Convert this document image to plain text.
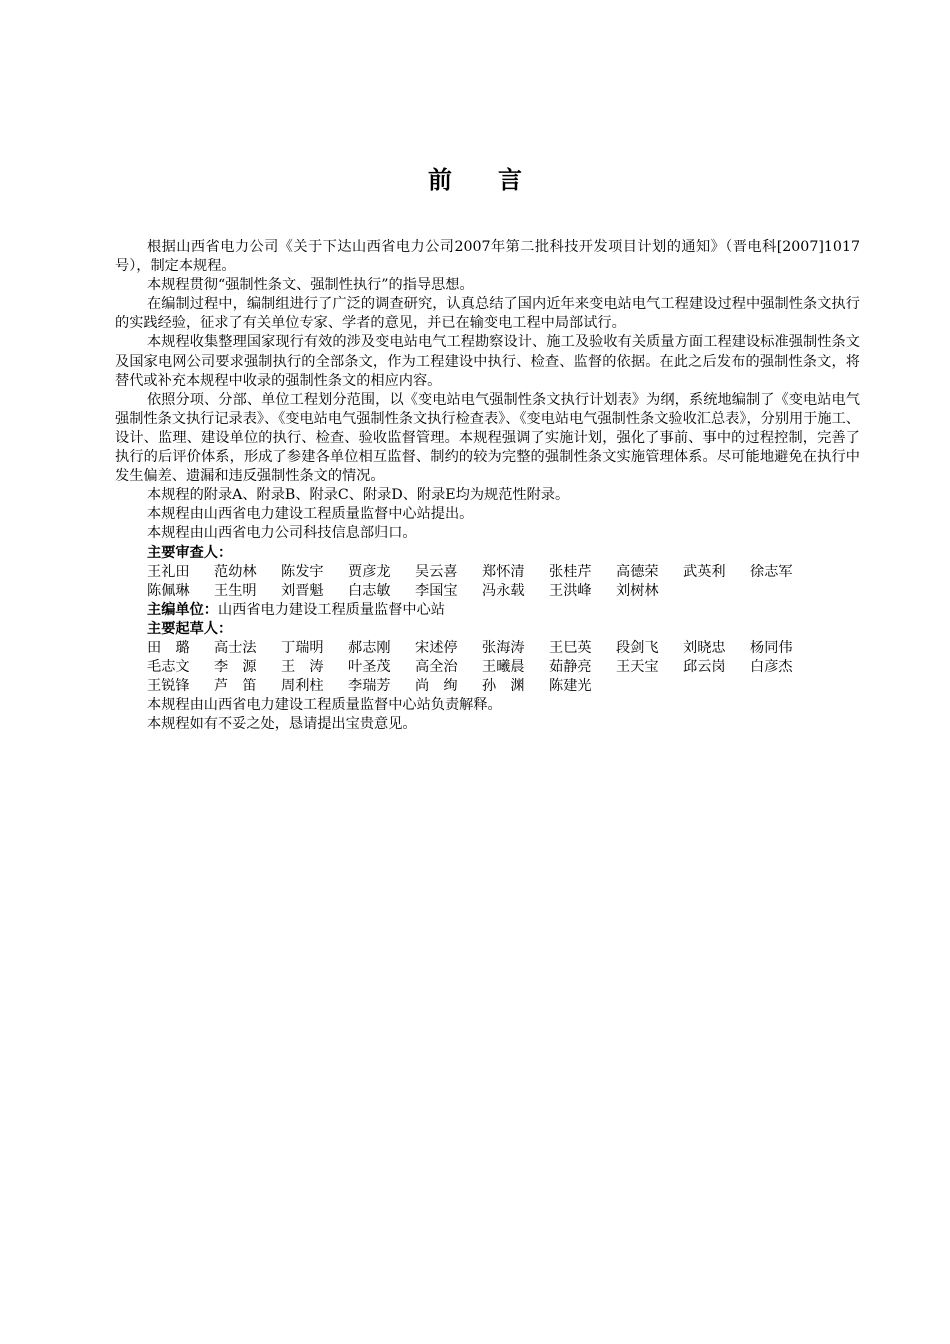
前 言

根据山西省电力公司《关于下达山西省电力公司2007年第二批科技开发项目计划的通知》（晋电科[2007]1017号），制定本规程。

本规程贯彻“强制性条文、强制性执行”的指导思想。

在编制过程中，编制组进行了广泛的调查研究，认真总结了国内近年来变电站电气工程建设过程中强制性条文执行的实践经验，征求了有关单位专家、学者的意见，并已在输变电工程中局部试行。

本规程收集整理国家现行有效的涉及变电站电气工程勘察设计、施工及验收有关质量方面工程建设标准强制性条文及国家电网公司要求强制执行的全部条文，作为工程建设中执行、检查、监督的依据。在此之后发布的强制性条文，将替代或补充本规程中收录的强制性条文的相应内容。

依照分项、分部、单位工程划分范围，以《变电站电气强制性条文执行计划表》为纲，系统地编制了《变电站电气强制性条文执行记录表》、《变电站电气强制性条文执行检查表》、《变电站电气强制性条文验收汇总表》，分别用于施工、设计、监理、建设单位的执行、检查、验收监督管理。本规程强调了实施计划，强化了事前、事中的过程控制，完善了执行的后评价体系，形成了参建各单位相互监督、制约的较为完整的强制性条文实施管理体系。尽可能地避免在执行中发生偏差、遗漏和违反强制性条文的情况。

本规程的附录A、附录B、附录C、附录D、附录E均为规范性附录。

本规程由山西省电力建设工程质量监督中心站提出。

本规程由山西省电力公司科技信息部归口。

主要审查人：
王礼田 范幼林 陈发宇 贾彦龙 吴云喜 郑怀清 张桂芹 高德荣 武英利 徐志军
陈佩琳 王生明 刘晋魁 白志敏 李国宝 冯永载 王洪峰 刘树林
主编单位：山西省电力建设工程质量监督中心站
主要起草人：
田　璐 高士法 丁瑞明 郝志刚 宋述停 张海涛 王巳英 段剑飞 刘晓忠 杨同伟
毛志文 李　源 王　涛 叶圣茂 高全治 王曦晨 茹静亮 王天宝 邱云岗 白彦杰
王锐锋 芦　笛 周利柱 李瑞芳 尚　绚 孙　渊 陈建光

本规程由山西省电力建设工程质量监督中心站负责解释。

本规程如有不妥之处，恳请提出宝贵意见。
